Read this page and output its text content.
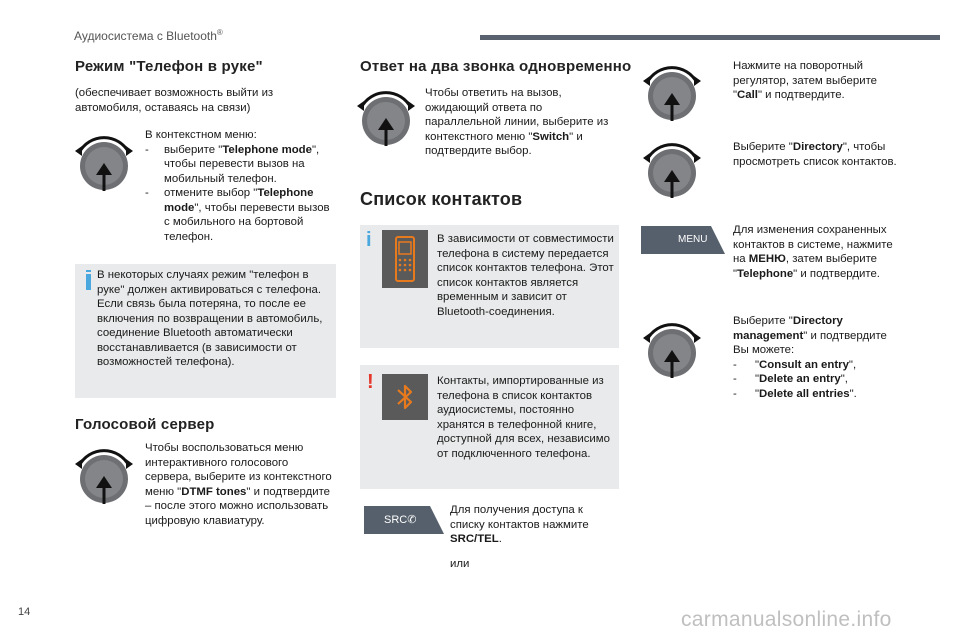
Аудиосистема с Bluetooth®
Режим "Телефон в руке"
(обеспечивает возможность выйти из автомобиля, оставаясь на связи)
В контекстном меню:
- выберите "Telephone mode", чтобы перевести вызов на мобильный телефон.
- отмените выбор "Telephone mode", чтобы перевести вызов с мобильного на бортовой телефон.
В некоторых случаях режим "телефон в руке" должен активироваться с телефона. Если связь была потеряна, то после ее включения по возвращении в автомобиль, соединение Bluetooth автоматически восстанавливается (в зависимости от возможностей телефона).
Голосовой сервер
Чтобы воспользоваться меню интерактивного голосового сервера, выберите из контекстного меню "DTMF tones" и подтвердите – после этого можно использовать цифровую клавиатуру.
Ответ на два звонка одновременно
Чтобы ответить на вызов, ожидающий ответа по параллельной линии, выберите из контекстного меню "Switch" и подтвердите выбор.
Список контактов
i	В зависимости от совместимости телефона в систему передается список контактов телефона. Этот список контактов является временным и зависит от Bluetooth-соединения.
!	Контакты, импортированные из телефона в список контактов аудиосистемы, постоянно хранятся в телефонной книге, доступной для всех, независимо от подключенного телефона.
SRC✆
Для получения доступа к списку контактов нажмите SRC/TEL.
или
Нажмите на поворотный регулятор, затем выберите "Call" и подтвердите.
Выберите "Directory", чтобы просмотреть список контактов.
MENU
Для изменения сохраненных контактов в системе, нажмите на МЕНЮ, затем выберите "Telephone" и подтвердите.
Выберите "Directory management" и подтвердите
Вы можете:
- "Consult an entry",
- "Delete an entry",
- "Delete all entries".
14	carmanualsonline.info
